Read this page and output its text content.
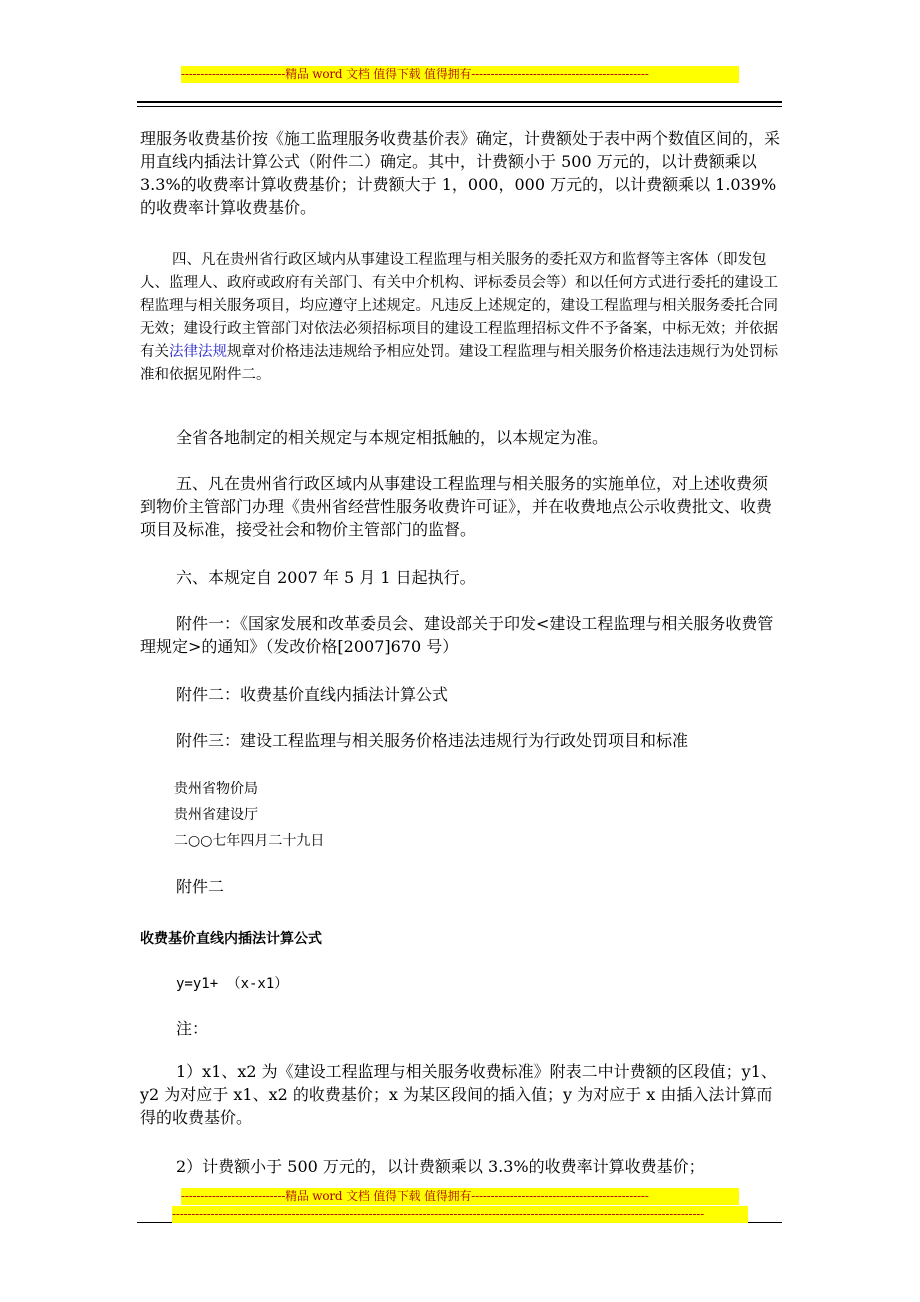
---------------------------精品 word 文档 值得下载 值得拥有----------------------------------------------
理服务收费基价按《施工监理服务收费基价表》确定，计费额处于表中两个数值区间的，采用直线内插法计算公式（附件二）确定。其中，计费额小于 500 万元的，以计费额乘以 3.3%的收费率计算收费基价；计费额大于 1，000，000 万元的，以计费额乘以 1.039%的收费率计算收费基价。
四、凡在贵州省行政区域内从事建设工程监理与相关服务的委托双方和监督等主客体（即发包人、监理人、政府或政府有关部门、有关中介机构、评标委员会等）和以任何方式进行委托的建设工程监理与相关服务项目，均应遵守上述规定。凡违反上述规定的，建设工程监理与相关服务委托合同无效；建设行政主管部门对依法必须招标项目的建设工程监理招标文件不予备案，中标无效；并依据有关法律法规规章对价格违法违规给予相应处罚。建设工程监理与相关服务价格违法违规行为处罚标准和依据见附件二。
全省各地制定的相关规定与本规定相抵触的，以本规定为准。
五、凡在贵州省行政区域内从事建设工程监理与相关服务的实施单位，对上述收费须到物价主管部门办理《贵州省经营性服务收费许可证》，并在收费地点公示收费批文、收费项目及标准，接受社会和物价主管部门的监督。
六、本规定自 2007 年 5 月 1 日起执行。
附件一：《国家发展和改革委员会、建设部关于印发<建设工程监理与相关服务收费管理规定>的通知》（发改价格[2007]670 号）
附件二：收费基价直线内插法计算公式
附件三：建设工程监理与相关服务价格违法违规行为行政处罚项目和标准
贵州省物价局
贵州省建设厅
二○○七年四月二十九日
附件二
收费基价直线内插法计算公式
y=y1+ （x-x1）
注：
1）x1、x2 为《建设工程监理与相关服务收费标准》附表二中计费额的区段值；y1、y2 为对应于 x1、x2 的收费基价；x 为某区段间的插入值；y 为对应于 x 由插入法计算而得的收费基价。
2）计费额小于 500 万元的，以计费额乘以 3.3%的收费率计算收费基价；
---------------------------精品 word 文档 值得下载 值得拥有----------------------------------------------
------------------------------------------------------------------------------------------------------------------------------------------
